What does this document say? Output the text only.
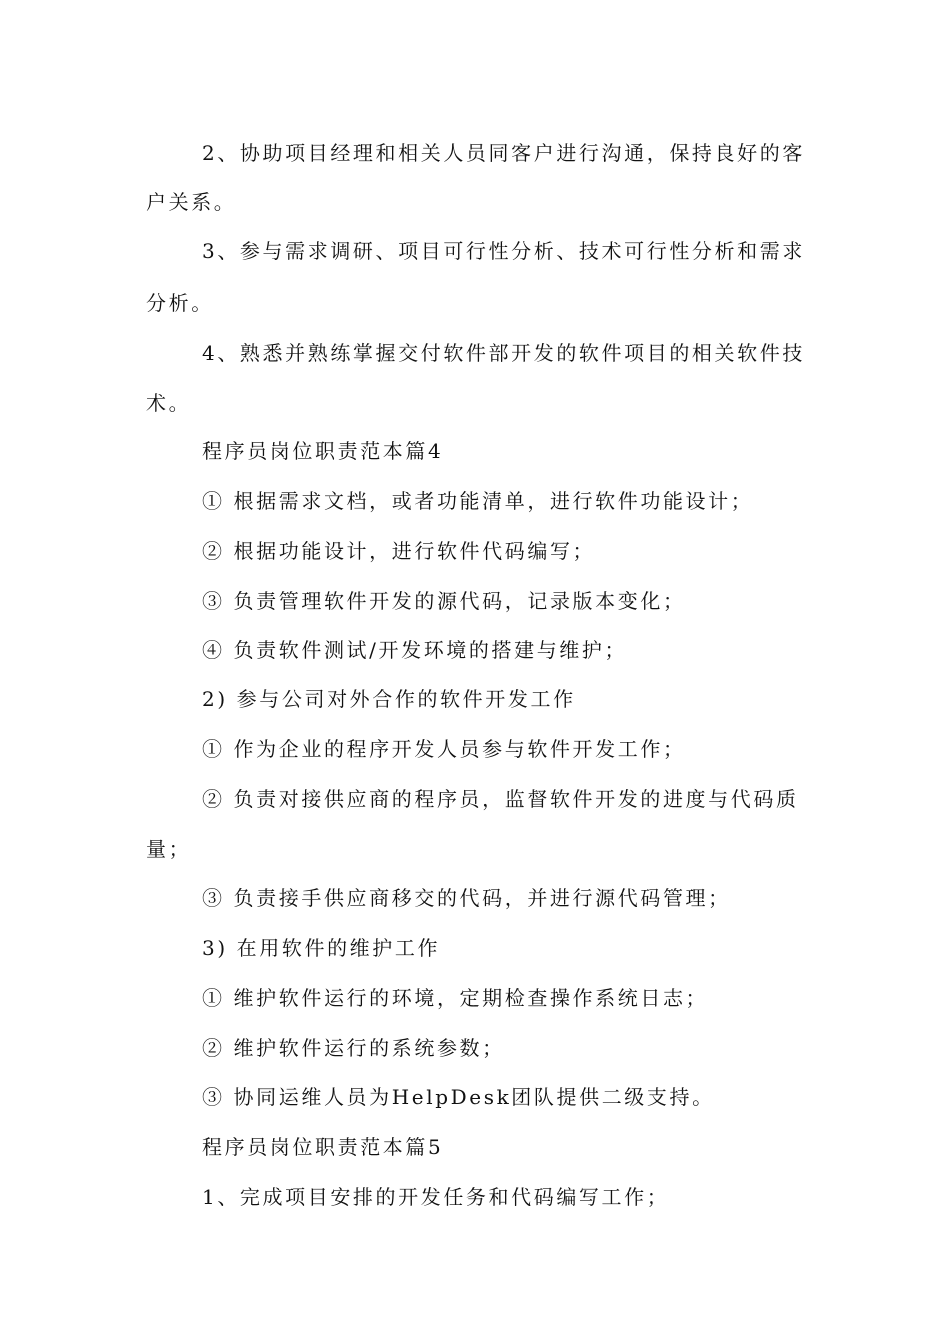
2、协助项目经理和相关人员同客户进行沟通，保持良好的客
户关系。
3、参与需求调研、项目可行性分析、技术可行性分析和需求
分析。
4、熟悉并熟练掌握交付软件部开发的软件项目的相关软件技
术。
程序员岗位职责范本篇4
① 根据需求文档，或者功能清单，进行软件功能设计；
② 根据功能设计，进行软件代码编写；
③ 负责管理软件开发的源代码，记录版本变化；
④ 负责软件测试/开发环境的搭建与维护；
2) 参与公司对外合作的软件开发工作
① 作为企业的程序开发人员参与软件开发工作；
② 负责对接供应商的程序员，监督软件开发的进度与代码质
量；
③ 负责接手供应商移交的代码，并进行源代码管理；
3) 在用软件的维护工作
① 维护软件运行的环境，定期检查操作系统日志；
② 维护软件运行的系统参数；
③ 协同运维人员为HelpDesk团队提供二级支持。
程序员岗位职责范本篇5
1、完成项目安排的开发任务和代码编写工作；
